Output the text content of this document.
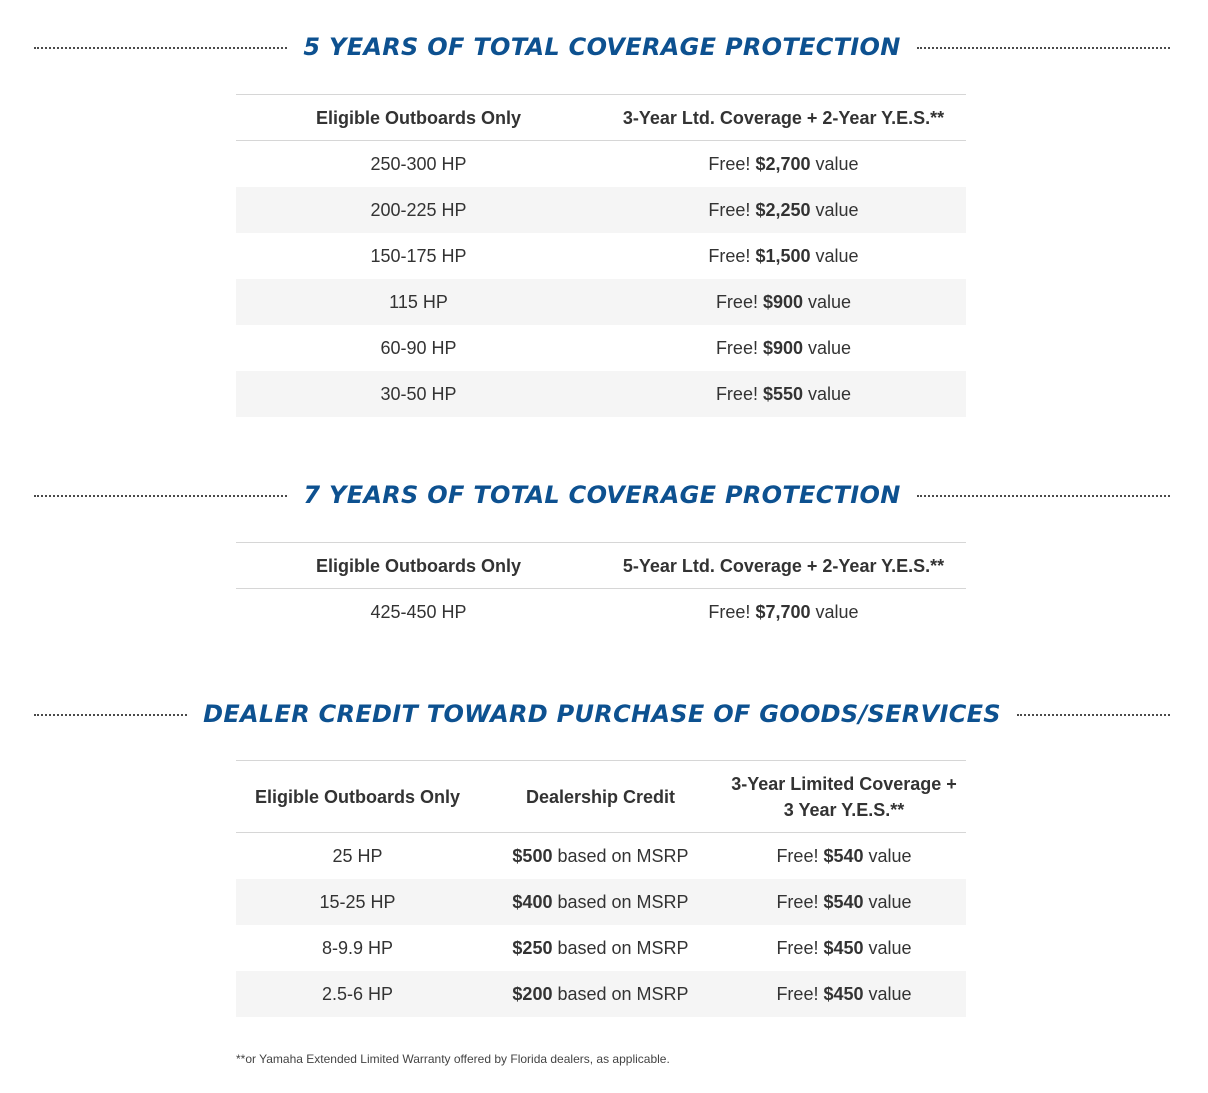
5 YEARS OF TOTAL COVERAGE PROTECTION
Eligible Outboards Only	3-Year Ltd. Coverage + 2-Year Y.E.S.**
250-300 HP	Free! $2,700 value
200-225 HP	Free! $2,250 value
150-175 HP	Free! $1,500 value
115 HP	Free! $900 value
60-90 HP	Free! $900 value
30-50 HP	Free! $550 value
7 YEARS OF TOTAL COVERAGE PROTECTION
Eligible Outboards Only	5-Year Ltd. Coverage + 2-Year Y.E.S.**
425-450 HP	Free! $7,700 value
DEALER CREDIT TOWARD PURCHASE OF GOODS/SERVICES
Eligible Outboards Only	Dealership Credit	3-Year Limited Coverage +
3 Year Y.E.S.**
25 HP	$500 based on MSRP	Free! $540 value
15-25 HP	$400 based on MSRP	Free! $540 value
8-9.9 HP	$250 based on MSRP	Free! $450 value
2.5-6 HP	$200 based on MSRP	Free! $450 value
**or Yamaha Extended Limited Warranty offered by Florida dealers, as applicable.
